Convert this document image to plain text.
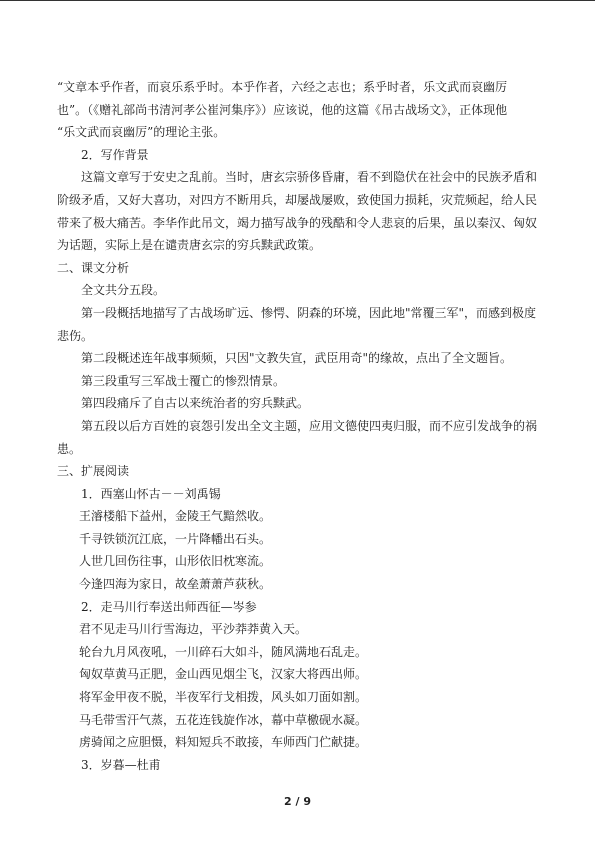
“文章本乎作者，而哀乐系乎时。本乎作者，六经之志也；系乎时者，乐文武而哀幽厉
也”。（《赠礼部尚书清河孝公崔河集序》）应该说，他的这篇《吊古战场文》，正体现他
“乐文武而哀幽厉”的理论主张。
2．写作背景
这篇文章写于安史之乱前。当时，唐玄宗骄侈昏庸，看不到隐伏在社会中的民族矛盾和
阶级矛盾，又好大喜功，对四方不断用兵，却屡战屡败，致使国力损耗，灾荒频起，给人民
带来了极大痛苦。李华作此吊文，竭力描写战争的残酷和令人悲哀的后果，虽以秦汉、匈奴
为话题，实际上是在谴责唐玄宗的穷兵黩武政策。
二、课文分析
全文共分五段。
第一段概括地描写了古战场旷远、惨愕、阴森的环境，因此地"常覆三军"，而感到极度
悲伤。
第二段概述连年战事频频，只因"文教失宣，武臣用奇"的缘故，点出了全文题旨。
第三段重写三军战士覆亡的惨烈情景。
第四段痛斥了自古以来统治者的穷兵黩武。
第五段以后方百姓的哀怨引发出全文主题，应用文德使四夷归服，而不应引发战争的祸
患。
三、扩展阅读
1．西塞山怀古－－刘禹锡
王濬楼船下益州，金陵王气黯然收。
千寻铁锁沉江底，一片降幡出石头。
人世几回伤往事，山形依旧枕寒流。
今逢四海为家日，故垒萧萧芦荻秋。
2．走马川行奉送出师西征—岑参
君不见走马川行雪海边，平沙莽莽黄入天。
轮台九月风夜吼，一川碎石大如斗，随风满地石乱走。
匈奴草黄马正肥，金山西见烟尘飞，汉家大将西出师。
将军金甲夜不脱，半夜军行戈相拨，风头如刀面如割。
马毛带雪汗气蒸，五花连钱旋作冰，幕中草檄砚水凝。
虏骑闻之应胆慑，料知短兵不敢接，车师西门伫献捷。
3．岁暮—杜甫
2 / 9
